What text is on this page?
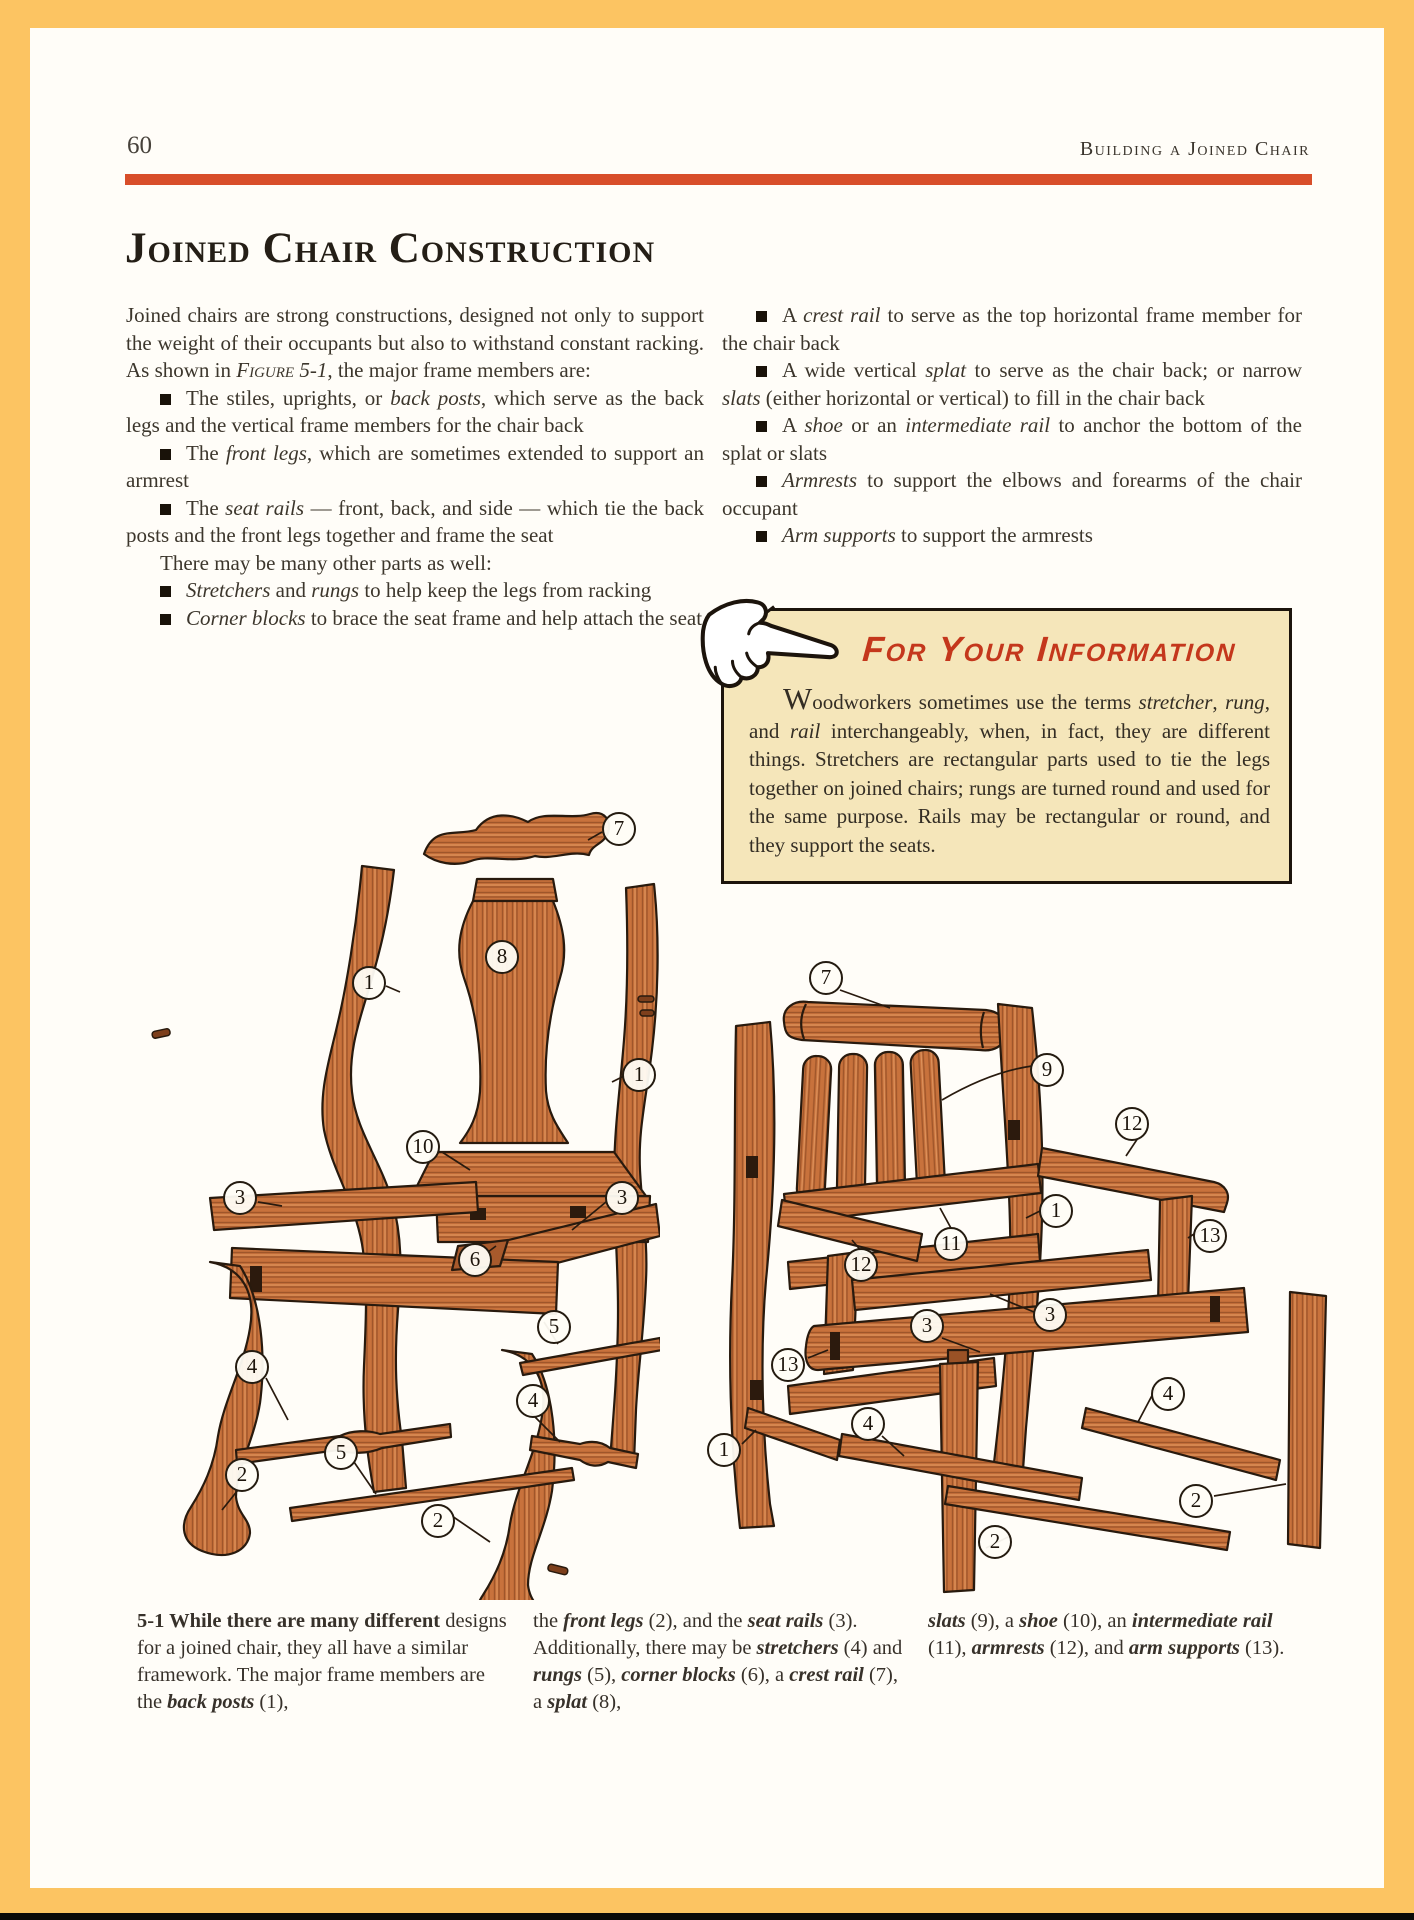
60	Building a Joined Chair
Joined Chair Construction

Joined chairs are strong constructions, designed not only to support the weight of their occupants but also to withstand constant racking. As shown in Figure 5-1, the major frame members are:

The stiles, uprights, or back posts, which serve as the back legs and the vertical frame members for the chair back
The front legs, which are sometimes extended to support an armrest
The seat rails — front, back, and side — which tie the back posts and the front legs together and frame the seat

There may be many other parts as well:

Stretchers and rungs to help keep the legs from racking
Corner blocks to brace the seat frame and help attach the seat
A crest rail to serve as the top horizontal frame member for the chair back
A wide vertical splat to serve as the chair back; or narrow slats (either horizontal or vertical) to fill in the chair back
A shoe or an intermediate rail to anchor the bottom of the splat or slats
Armrests to support the elbows and forearms of the chair occupant
Arm supports to support the armrests
For Your Information

Woodworkers sometimes use the terms stretcher, rung, and rail interchangeably, when, in fact, they are different things. Stretchers are rectangular parts used to tie the legs together on joined chairs; rungs are turned round and used for the same purpose. Rails may be rectangular or round, and they support the seats.

7
8
1
1
10
3	3
6
5
4
4
5
2
2
7
9
12
1
13
11
12
3
3
13
4
4
1
2
2
5-1 While there are many different designs for a joined chair, they all have a similar framework. The major frame members are the back posts (1),
the front legs (2), and the seat rails (3). Additionally, there may be stretchers (4) and rungs (5), corner blocks (6), a crest rail (7), a splat (8),
slats (9), a shoe (10), an intermediate rail (11), armrests (12), and arm supports (13).
